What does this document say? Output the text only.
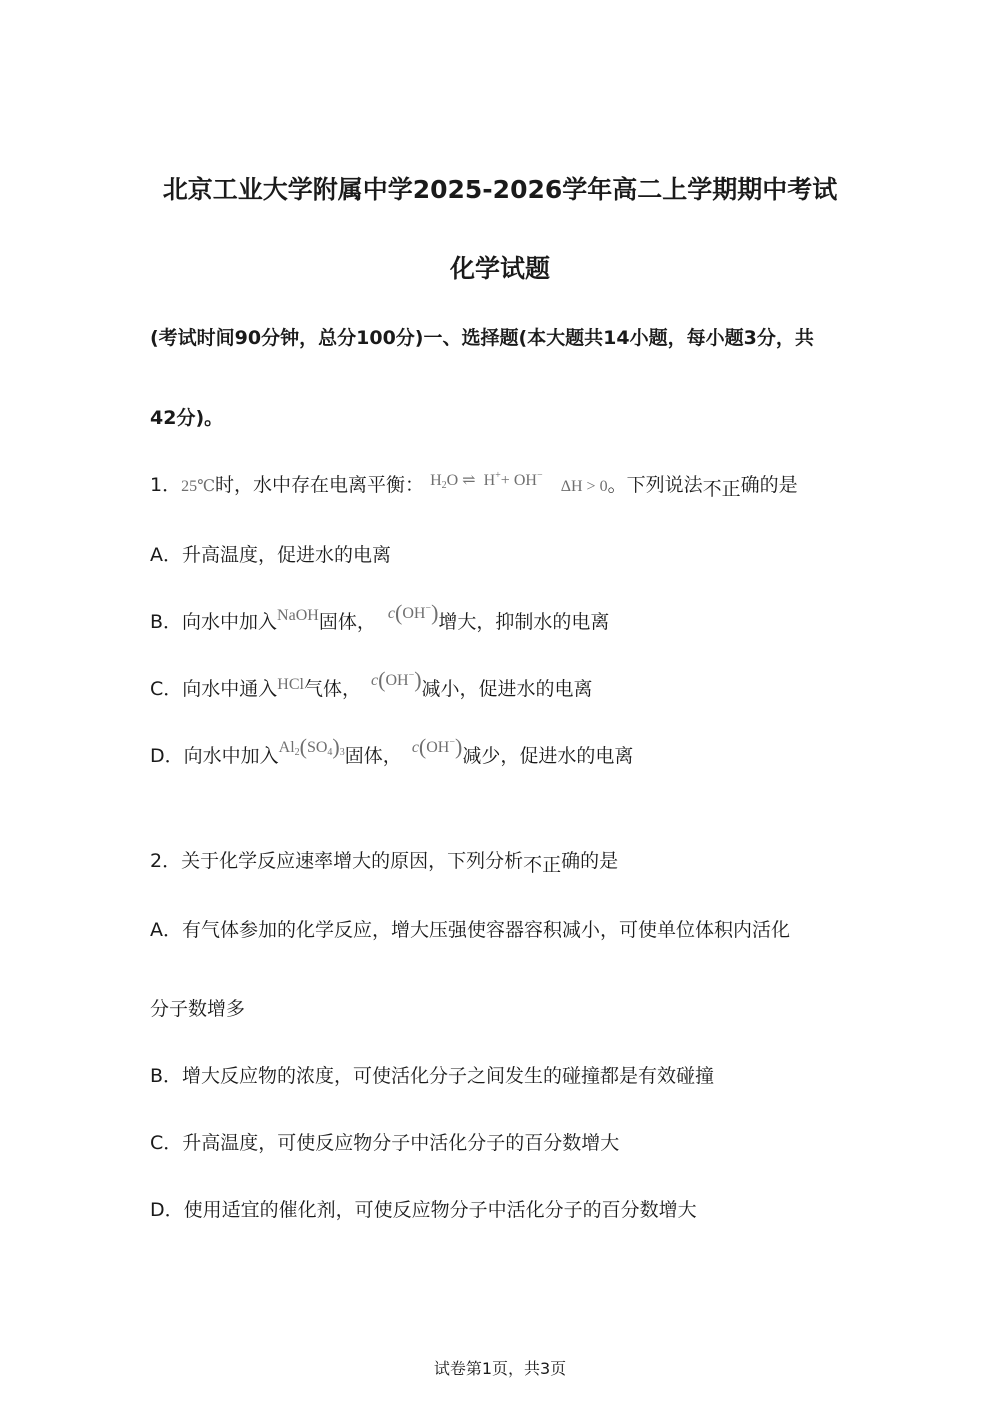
北京工业大学附属中学2025-2026学年高二上学期期中考试
化学试题
(考试时间90分钟，总分100分)一、选择题(本大题共14小题，每小题3分，共
42分)。
1．25℃时，水中存在电离平衡： $^{H_2O \rightleftharpoons H^++ OH^-}$   ΔH > 0。下列说法不正确的是
A．升高温度，促进水的电离
B．向水中加入$^{NaOH}$固体， $^{c(OH^-)}$增大，抑制水的电离
C．向水中通入$^{HCl}$气体， $^{c(OH^-)}$减小，促进水的电离
D．向水中加入$^{Al_2(SO_4)_3}$固体， $^{c(OH^-)}$减少，促进水的电离
2．关于化学反应速率增大的原因，下列分析不正确的是
A．有气体参加的化学反应，增大压强使容器容积减小，可使单位体积内活化
分子数增多
B．增大反应物的浓度，可使活化分子之间发生的碰撞都是有效碰撞
C．升高温度，可使反应物分子中活化分子的百分数增大
D．使用适宜的催化剂，可使反应物分子中活化分子的百分数增大
试卷第1页，共3页
